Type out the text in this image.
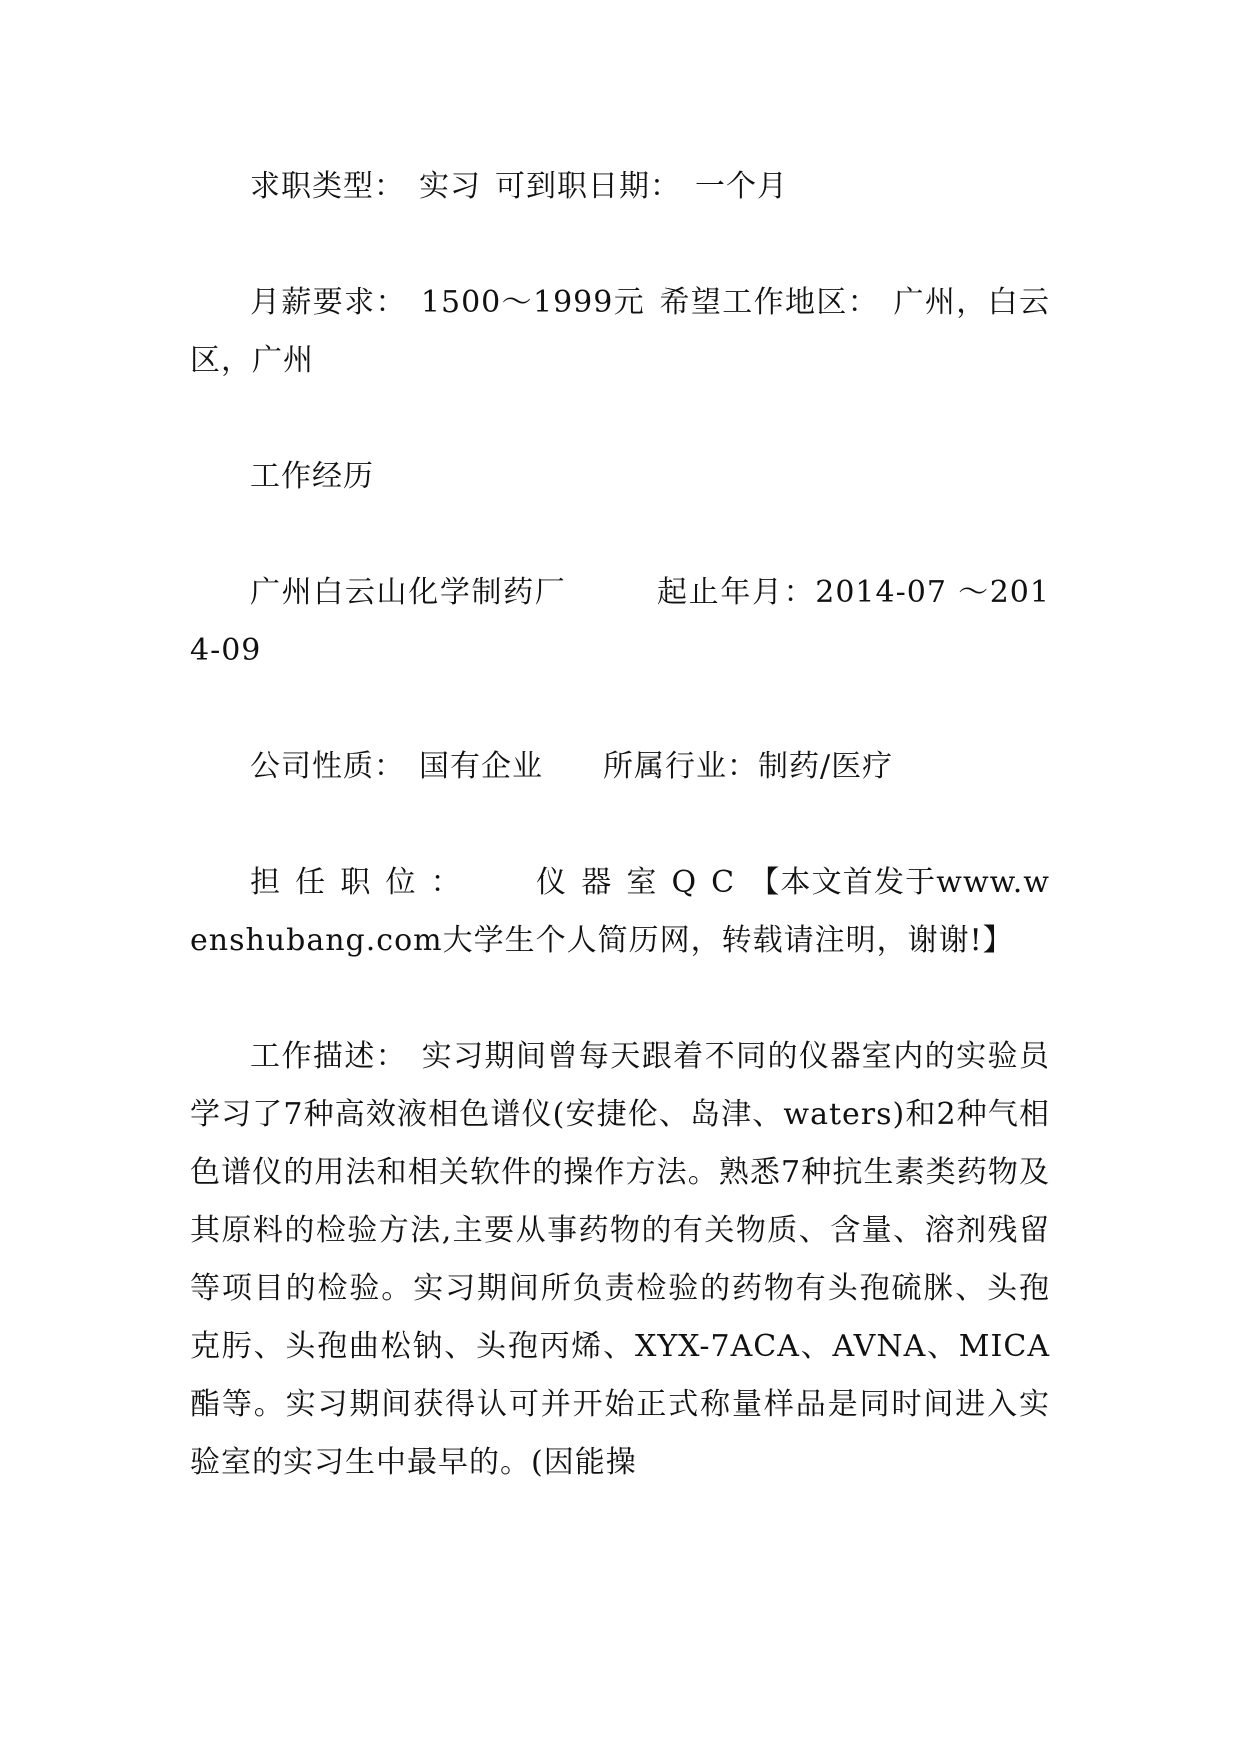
求职类型： 实习 可到职日期： 一个月

月薪要求： 1500～1999元 希望工作地区： 广州，白云区，广州

工作经历

广州白云山化学制药厂	起止年月：2014-07 ～2014-09

公司性质： 国有企业 所属行业：制药/医疗

担任职位： 仪器室QC【本文首发于www.wenshubang.com大学生个人简历网，转载请注明，谢谢!】

工作描述： 实习期间曾每天跟着不同的仪器室内的实验员学习了7种高效液相色谱仪(安捷伦、岛津、waters)和2种气相色谱仪的用法和相关软件的操作方法。熟悉7种抗生素类药物及其原料的检验方法,主要从事药物的有关物质、含量、溶剂残留等项目的检验。实习期间所负责检验的药物有头孢硫脒、头孢克肟、头孢曲松钠、头孢丙烯、XYX-7ACA、AVNA、MICA酯等。实习期间获得认可并开始正式称量样品是同时间进入实验室的实习生中最早的。(因能操
